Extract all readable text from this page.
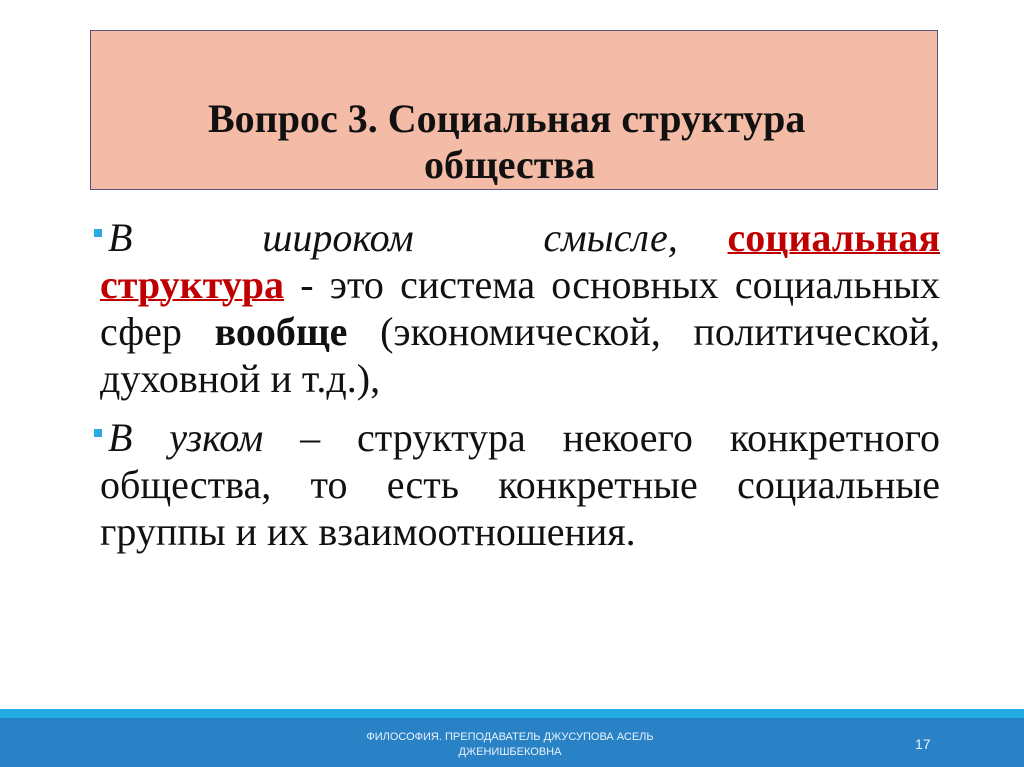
Вопрос 3. Социальная структура
общества

В широком смысле, социальная структура - это система основных социальных сфер вообще (экономической, политической, духовной и т.д.),

В узком – структура некоего конкретного общества, то есть конкретные социальные группы и их взаимоотношения.

ФИЛОСОФИЯ. ПРЕПОДАВАТЕЛЬ ДЖУСУПОВА АСЕЛЬ ДЖЕНИШБЕКОВНА	17
